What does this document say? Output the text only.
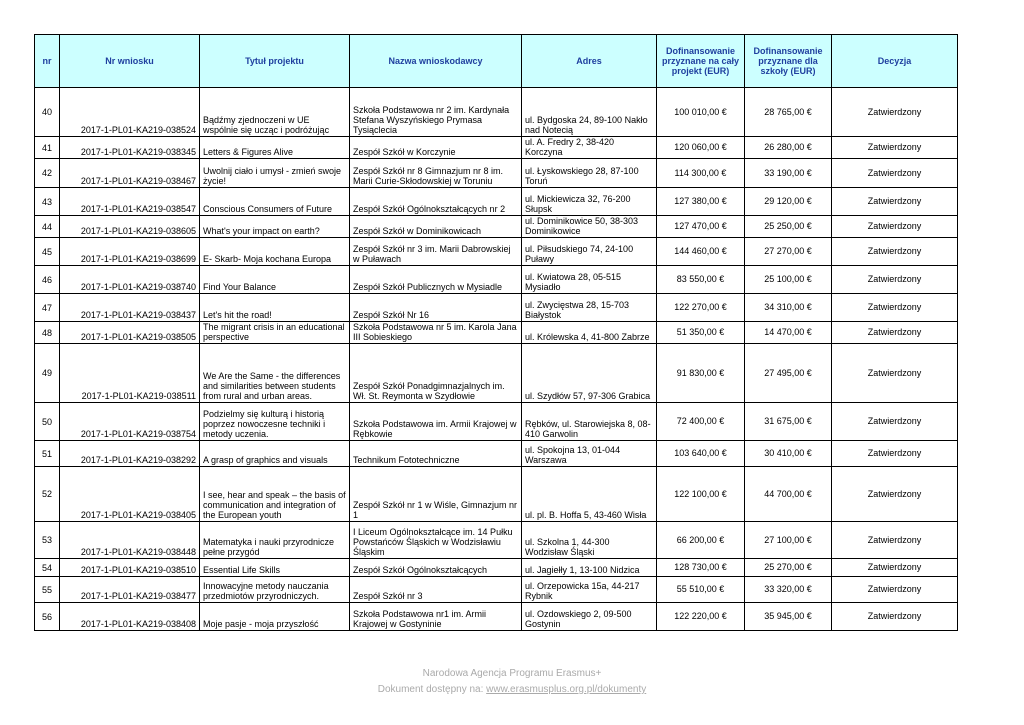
nr	Nr wniosku	Tytuł projektu	Nazwa wnioskodawcy	Adres	Dofinansowanie przyznane na cały projekt (EUR)	Dofinansowanie przyznane dla szkoły (EUR)	Decyzja
40	2017-1-PL01-KA219-038524	Bądźmy zjednoczeni w UE wspólnie się ucząc i podróżując	Szkoła Podstawowa nr 2 im. Kardynała Stefana Wyszyńskiego Prymasa Tysiąclecia	ul. Bydgoska 24, 89-100 Nakło nad Notecią	100 010,00 €	28 765,00 €	Zatwierdzony
41	2017-1-PL01-KA219-038345	Letters & Figures Alive	Zespół Szkół w Korczynie	ul. A. Fredry 2, 38-420 Korczyna	120 060,00 €	26 280,00 €	Zatwierdzony
42	2017-1-PL01-KA219-038467	Uwolnij ciało i umysł - zmień swoje życie!	Zespół Szkół nr 8 Gimnazjum nr 8 im. Marii Curie-Skłodowskiej w Toruniu	ul. Łyskowskiego 28, 87-100 Toruń	114 300,00 €	33 190,00 €	Zatwierdzony
43	2017-1-PL01-KA219-038547	Conscious Consumers of Future	Zespół Szkół Ogólnokształcących nr 2	ul. Mickiewicza 32, 76-200 Słupsk	127 380,00 €	29 120,00 €	Zatwierdzony
44	2017-1-PL01-KA219-038605	What's your impact on earth?	Zespół Szkół w Dominikowicach	ul. Dominikowice 50, 38-303 Dominikowice	127 470,00 €	25 250,00 €	Zatwierdzony
45	2017-1-PL01-KA219-038699	E- Skarb- Moja kochana Europa	Zespół Szkół nr 3 im. Marii Dabrowskiej w Puławach	ul. Piłsudskiego 74, 24-100 Puławy	144 460,00 €	27 270,00 €	Zatwierdzony
46	2017-1-PL01-KA219-038740	Find Your Balance	Zespół Szkół Publicznych w Mysiadle	ul. Kwiatowa 28, 05-515 Mysiadło	83 550,00 €	25 100,00 €	Zatwierdzony
47	2017-1-PL01-KA219-038437	Let's hit the road!	Zespół Szkół Nr 16	ul. Zwycięstwa 28, 15-703 Białystok	122 270,00 €	34 310,00 €	Zatwierdzony
48	2017-1-PL01-KA219-038505	The migrant crisis in an educational perspective	Szkoła Podstawowa nr 5 im. Karola Jana III Sobieskiego	ul. Królewska 4, 41-800 Zabrze	51 350,00 €	14 470,00 €	Zatwierdzony
49	2017-1-PL01-KA219-038511	We Are the Same - the differences and similarities between students from rural and urban areas.	Zespół Szkół Ponadgimnazjalnych im. Wł. St. Reymonta w Szydłowie	ul. Szydłów 57, 97-306 Grabica	91 830,00 €	27 495,00 €	Zatwierdzony
50	2017-1-PL01-KA219-038754	Podzielmy się kulturą i historią poprzez nowoczesne techniki i metody uczenia.	Szkoła Podstawowa im. Armii Krajowej w Rębkowie	Rębków, ul. Starowiejska 8, 08-410 Garwolin	72 400,00 €	31 675,00 €	Zatwierdzony
51	2017-1-PL01-KA219-038292	A grasp of graphics and visuals	Technikum Fototechniczne	ul. Spokojna 13, 01-044 Warszawa	103 640,00 €	30 410,00 €	Zatwierdzony
52	2017-1-PL01-KA219-038405	I see, hear and speak – the basis of communication and integration of the European youth	Zespół Szkół nr 1 w Wiśle, Gimnazjum nr 1	ul. pl. B. Hoffa 5, 43-460 Wisła	122 100,00 €	44 700,00 €	Zatwierdzony
53	2017-1-PL01-KA219-038448	Matematyka i nauki przyrodnicze pełne przygód	I Liceum Ogólnokształcące im. 14 Pułku Powstańców Śląskich w Wodzisławiu Śląskim	ul. Szkolna 1, 44-300 Wodzisław Śląski	66 200,00 €	27 100,00 €	Zatwierdzony
54	2017-1-PL01-KA219-038510	Essential Life Skills	Zespół Szkół Ogólnokształcących	ul. Jagiełły 1, 13-100 Nidzica	128 730,00 €	25 270,00 €	Zatwierdzony
55	2017-1-PL01-KA219-038477	Innowacyjne metody nauczania przedmiotów przyrodniczych.	Zespół Szkół nr 3	ul. Orzepowicka 15a, 44-217 Rybnik	55 510,00 €	33 320,00 €	Zatwierdzony
56	2017-1-PL01-KA219-038408	Moje pasje - moja przyszłość	Szkoła Podstawowa nr1 im. Armii Krajowej w Gostyninie	ul. Ozdowskiego 2, 09-500 Gostynin	122 220,00 €	35 945,00 €	Zatwierdzony
Narodowa Agencja Programu Erasmus+
Dokument dostępny na: www.erasmusplus.org.pl/dokumenty
